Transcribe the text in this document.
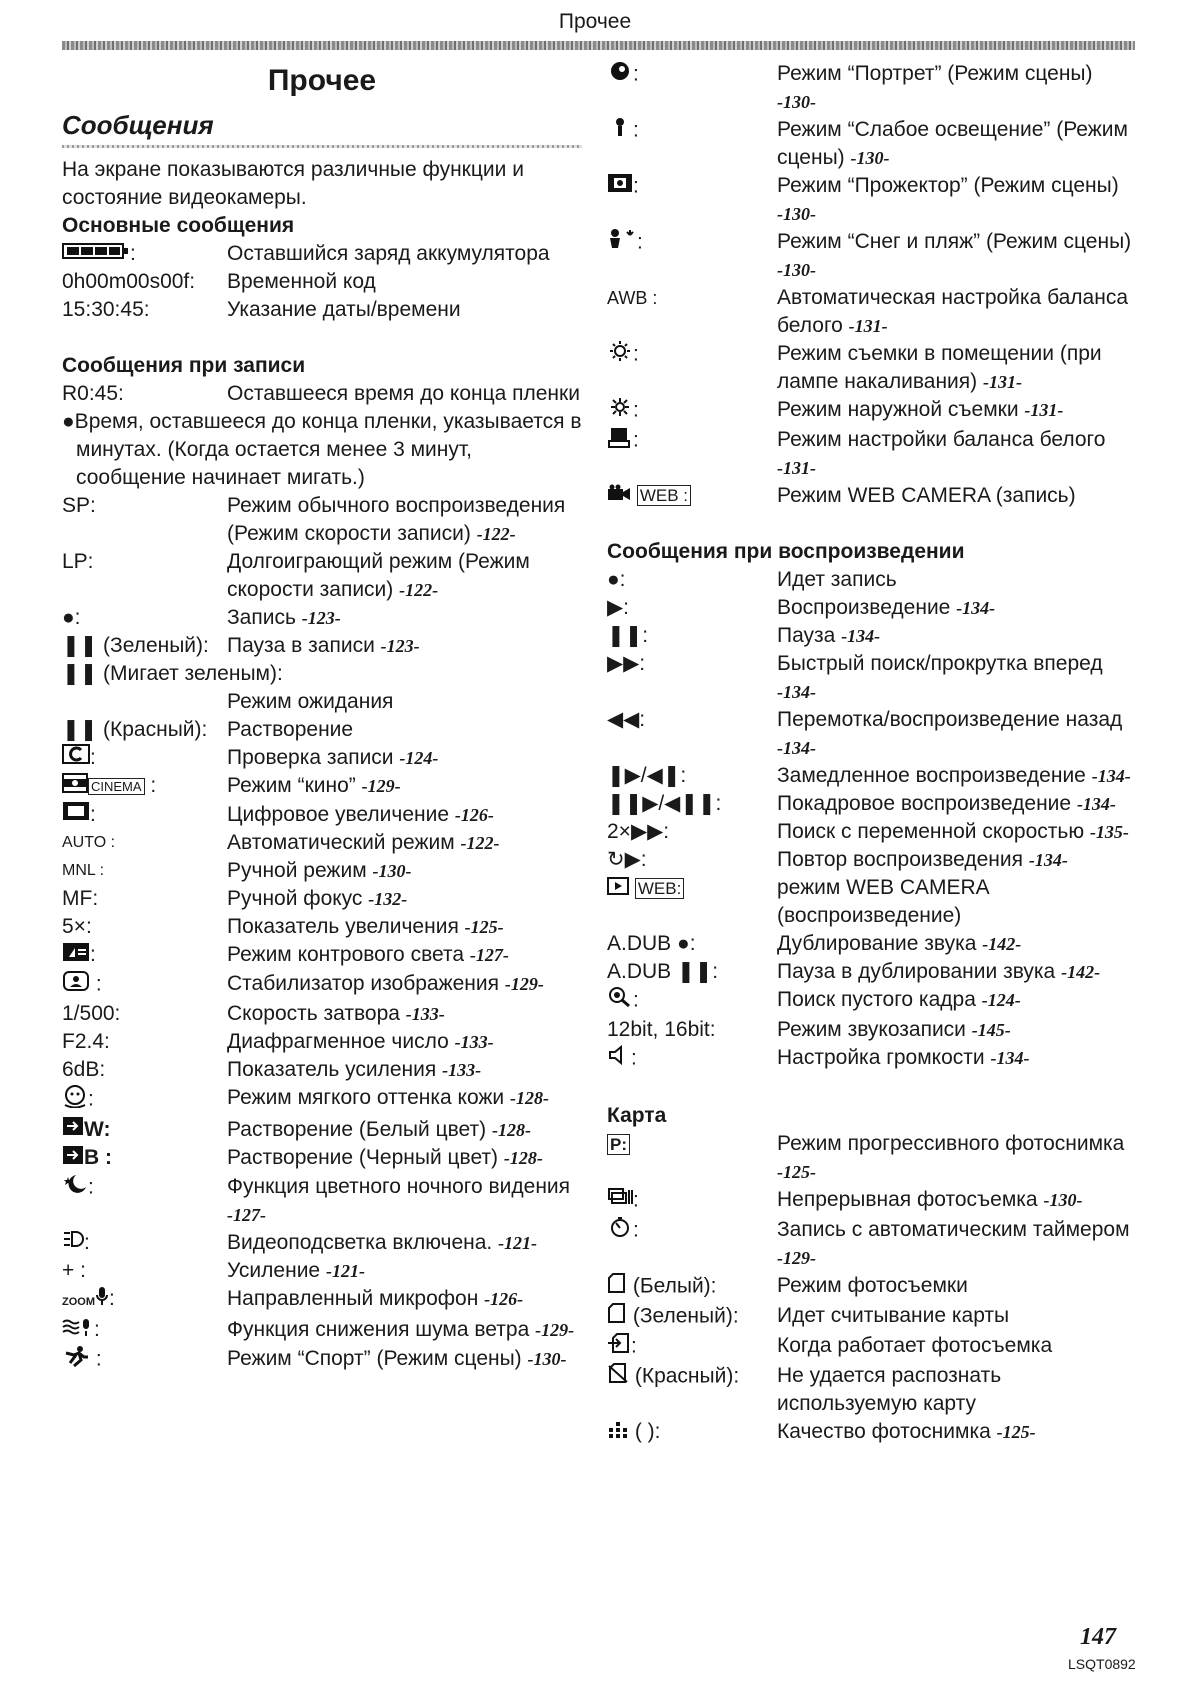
Прочее
Прочее
Сообщения

На экране показываются различные функции и состояние видеокамеры.

Основные сообщения

:	Оставшийся заряд аккумулятора
0h00m00s00f:	Временной код
15:30:45:	Указание даты/времени

Сообщения при записи

R0:45:	Оставшееся время до конца пленки

●Время, оставшееся до конца пленки, указывается в минутах. (Когда остается менее 3 минут, сообщение начинает мигать.)

SP:	Режим обычного воспроизведения (Режим скорости записи) -122-
LP:	Долгоиграющий режим (Режим скорости записи) -122-
●:	Запись -123-
❚❚ (Зеленый): Пауза в записи -123-
❚❚ (Мигает зеленым):
Режим ожидания
❚❚ (Красный): Растворение
:	Проверка записи -124-
CINEMA :	Режим “кино” -129-
:	Цифровое увеличение -126-
AUTO :	Автоматический режим -122-
MNL :	Ручной режим -130-
MF:	Ручной фокус -132-
5×:	Показатель увеличения -125-
:	Режим контрового света -127-
:	Стабилизатор изображения -129-
1/500:	Скорость затвора -133-
F2.4:	Диафрагменное число -133-
6dB:	Показатель усиления -133-
:	Режим мягкого оттенка кожи -128-
W:	Растворение (Белый цвет) -128-
B :	Растворение (Черный цвет) -128-
:	Функция цветного ночного видения -127-
:	Видеоподсветка включена. -121-
+ :	Усиление -121-
ZOOM :	Направленный микрофон -126-
:	Функция снижения шума ветра -129-
:	Режим “Спорт” (Режим сцены) -130-
:	Режим “Портрет” (Режим сцены) -130-
:	Режим “Слабое освещение” (Режим сцены) -130-
:	Режим “Прожектор” (Режим сцены) -130-
:	Режим “Снег и пляж” (Режим сцены) -130-
AWB :	Автоматическая настройка баланса белого -131-
:	Режим съемки в помещении (при лампе накаливания) -131-
:	Режим наружной съемки -131-
:	Режим настройки баланса белого -131-
WEB :	Режим WEB CAMERA (запись)

Сообщения при воспроизведении

●:	Идет запись
▶:	Воспроизведение -134-
❚❚:	Пауза -134-
▶▶:	Быстрый поиск/прокрутка вперед -134-
◀◀:	Перемотка/воспроизведение назад -134-
❚▶/◀❚:	Замедленное воспроизведение -134-
❚❚▶/◀❚❚:	Покадровое воспроизведение -134-
2×▶▶:	Поиск с переменной скоростью -135-
↻▶:	Повтор воспроизведения -134-
WEB:	режим WEB CAMERA (воспроизведение)
A.DUB ●:	Дублирование звука -142-
A.DUB ❚❚:	Пауза в дублировании звука -142-
:	Поиск пустого кадра -124-
12bit, 16bit:	Режим звукозаписи -145-
:	Настройка громкости -134-

Карта

P:	Режим прогрессивного фотоснимка -125-
:	Непрерывная фотосъемка -130-
:	Запись с автоматическим таймером -129-
(Белый):	Режим фотосъемки
(Зеленый):	Идет считывание карты
:	Когда работает фотосъемка
(Красный):	Не удается распознать используемую карту
( ):	Качество фотоснимка -125-
147
LSQT0892
